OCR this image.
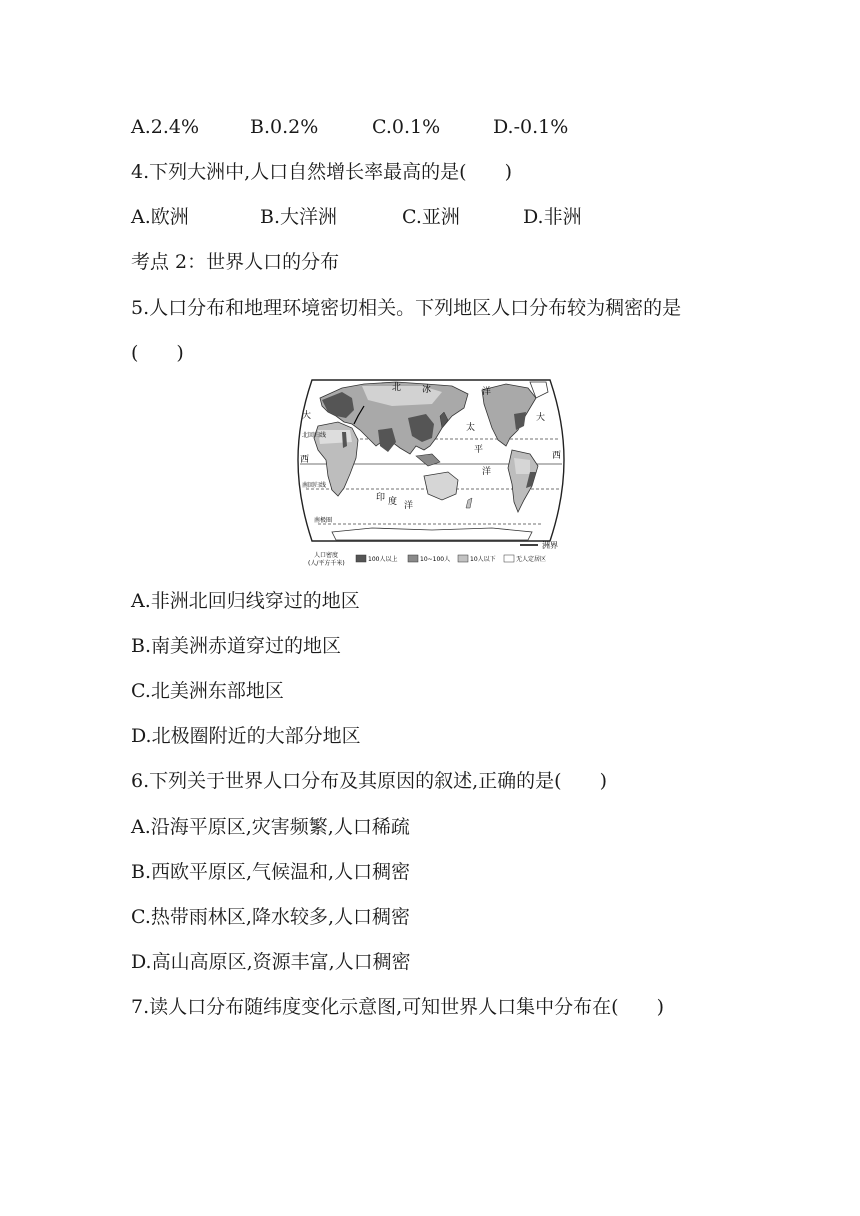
A.2.4%	B.0.2%	C.0.1%	D.-0.1%
4.下列大洲中,人口自然增长率最高的是(　　)
A.欧洲	B.大洋洲	C.亚洲	D.非洲
考点 2：世界人口的分布
5.人口分布和地理环境密切相关。下列地区人口分布较为稠密的是
(　　)
大
北 冰	洋
太
平
洋
大
西
西
印 度 洋
北回归线
南回归线
南极圈
洲界
人口密度
(人/平方千米)
100人以上	10~100人	10人以下	无人定居区
A.非洲北回归线穿过的地区
B.南美洲赤道穿过的地区
C.北美洲东部地区
D.北极圈附近的大部分地区
6.下列关于世界人口分布及其原因的叙述,正确的是(　　)
A.沿海平原区,灾害频繁,人口稀疏
B.西欧平原区,气候温和,人口稠密
C.热带雨林区,降水较多,人口稠密
D.高山高原区,资源丰富,人口稠密
7.读人口分布随纬度变化示意图,可知世界人口集中分布在(　　)
